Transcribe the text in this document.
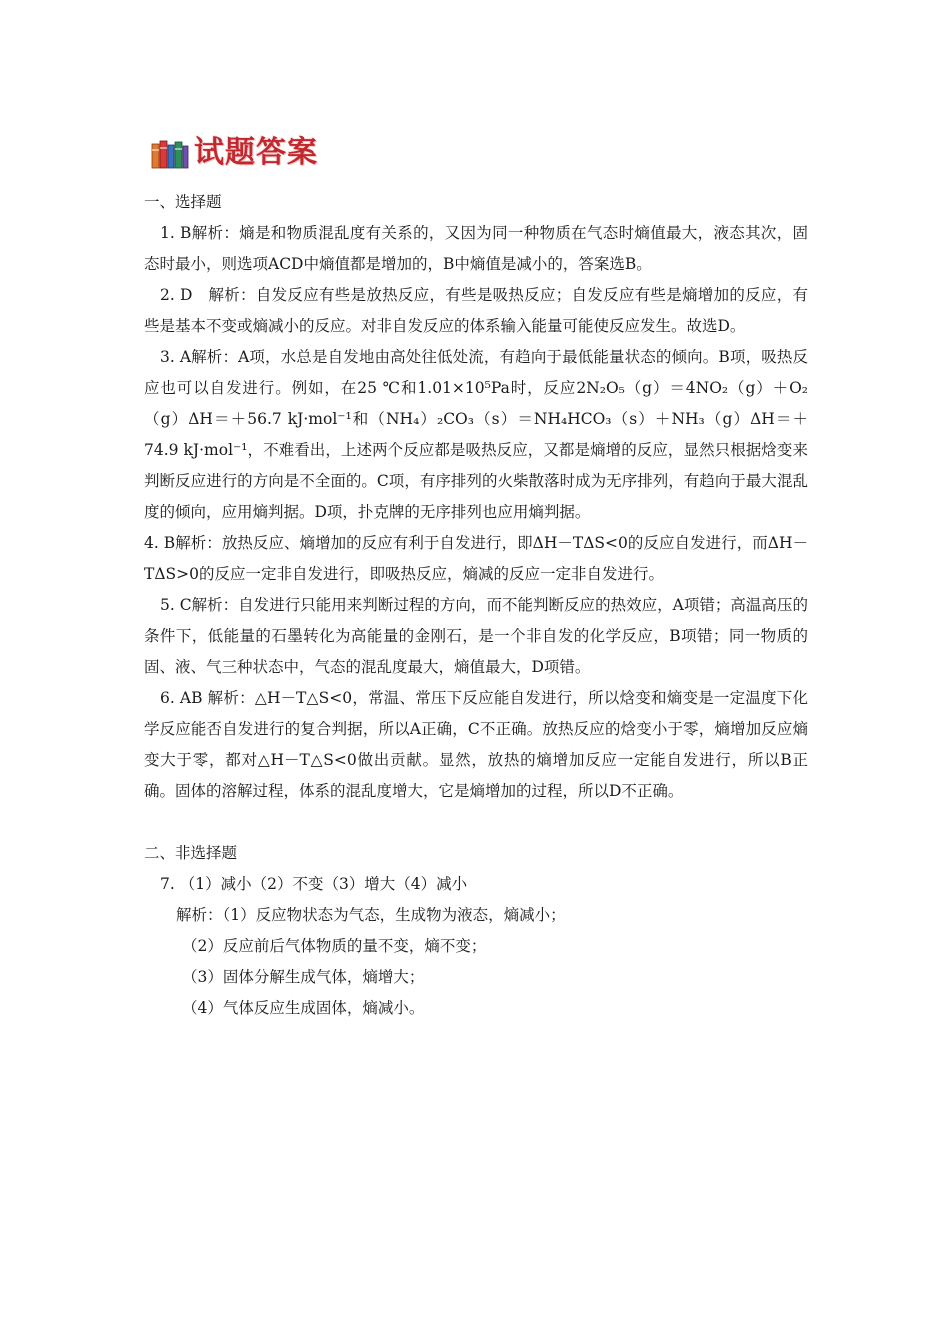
试题答案

一、选择题

1. B解析：熵是和物质混乱度有关系的，又因为同一种物质在气态时熵值最大，液态其次，固态时最小，则选项ACD中熵值都是增加的，B中熵值是减小的，答案选B。

2. D　解析：自发反应有些是放热反应，有些是吸热反应；自发反应有些是熵增加的反应，有些是基本不变或熵减小的反应。对非自发反应的体系输入能量可能使反应发生。故选D。

3. A解析：A项，水总是自发地由高处往低处流，有趋向于最低能量状态的倾向。B项，吸热反应也可以自发进行。例如，在25 ℃和1.01×10⁵Pa时，反应2N₂O₅（g）＝4NO₂（g）＋O₂（g）ΔH＝＋56.7 kJ·mol⁻¹和（NH₄）₂CO₃（s）＝NH₄HCO₃（s）＋NH₃（g）ΔH＝＋74.9 kJ·mol⁻¹，不难看出，上述两个反应都是吸热反应，又都是熵增的反应，显然只根据焓变来判断反应进行的方向是不全面的。C项，有序排列的火柴散落时成为无序排列，有趋向于最大混乱度的倾向，应用熵判据。D项，扑克牌的无序排列也应用熵判据。

4. B解析：放热反应、熵增加的反应有利于自发进行，即ΔH－TΔS<0的反应自发进行，而ΔH－TΔS>0的反应一定非自发进行，即吸热反应，熵减的反应一定非自发进行。

5. C解析：自发进行只能用来判断过程的方向，而不能判断反应的热效应，A项错；高温高压的条件下，低能量的石墨转化为高能量的金刚石，是一个非自发的化学反应，B项错；同一物质的固、液、气三种状态中，气态的混乱度最大，熵值最大，D项错。

6. AB 解析：△H－T△S<0，常温、常压下反应能自发进行，所以焓变和熵变是一定温度下化学反应能否自发进行的复合判据，所以A正确，C不正确。放热反应的焓变小于零，熵增加反应熵变大于零，都对△H－T△S<0做出贡献。显然，放热的熵增加反应一定能自发进行，所以B正确。固体的溶解过程，体系的混乱度增大，它是熵增加的过程，所以D不正确。

二、非选择题

7. （1）减小（2）不变（3）增大（4）减小

解析：（1）反应物状态为气态，生成物为液态，熵减小；

（2）反应前后气体物质的量不变，熵不变；

（3）固体分解生成气体，熵增大；

（4）气体反应生成固体，熵减小。
